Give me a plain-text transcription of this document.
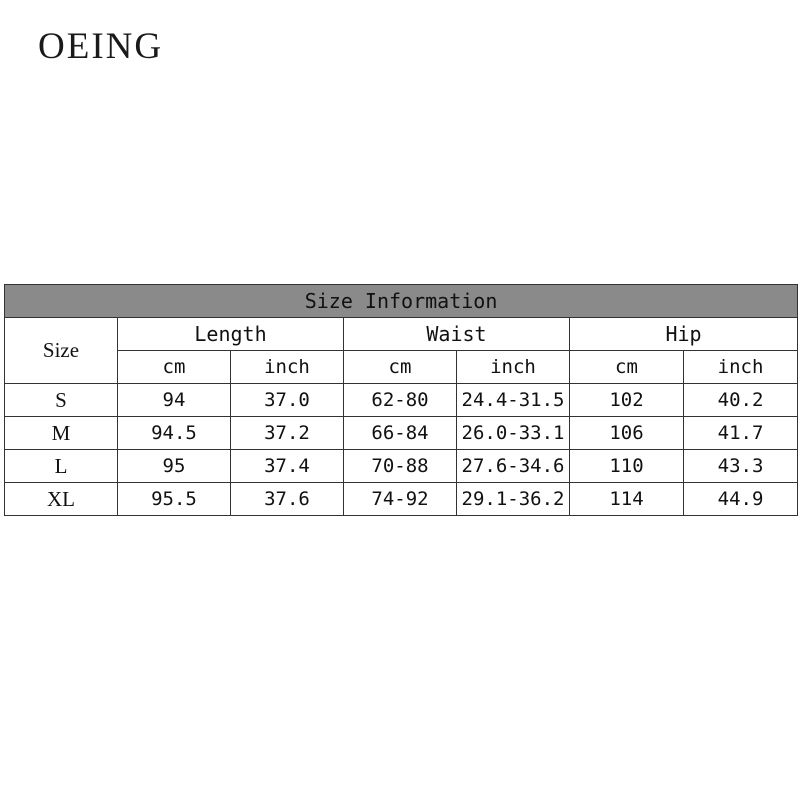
OEING
Size Information						
Size	Length		Waist		Hip	
	cm	inch	cm	inch	cm	inch
S	94	37.0	62-80	24.4-31.5	102	40.2
M	94.5	37.2	66-84	26.0-33.1	106	41.7
L	95	37.4	70-88	27.6-34.6	110	43.3
XL	95.5	37.6	74-92	29.1-36.2	114	44.9
